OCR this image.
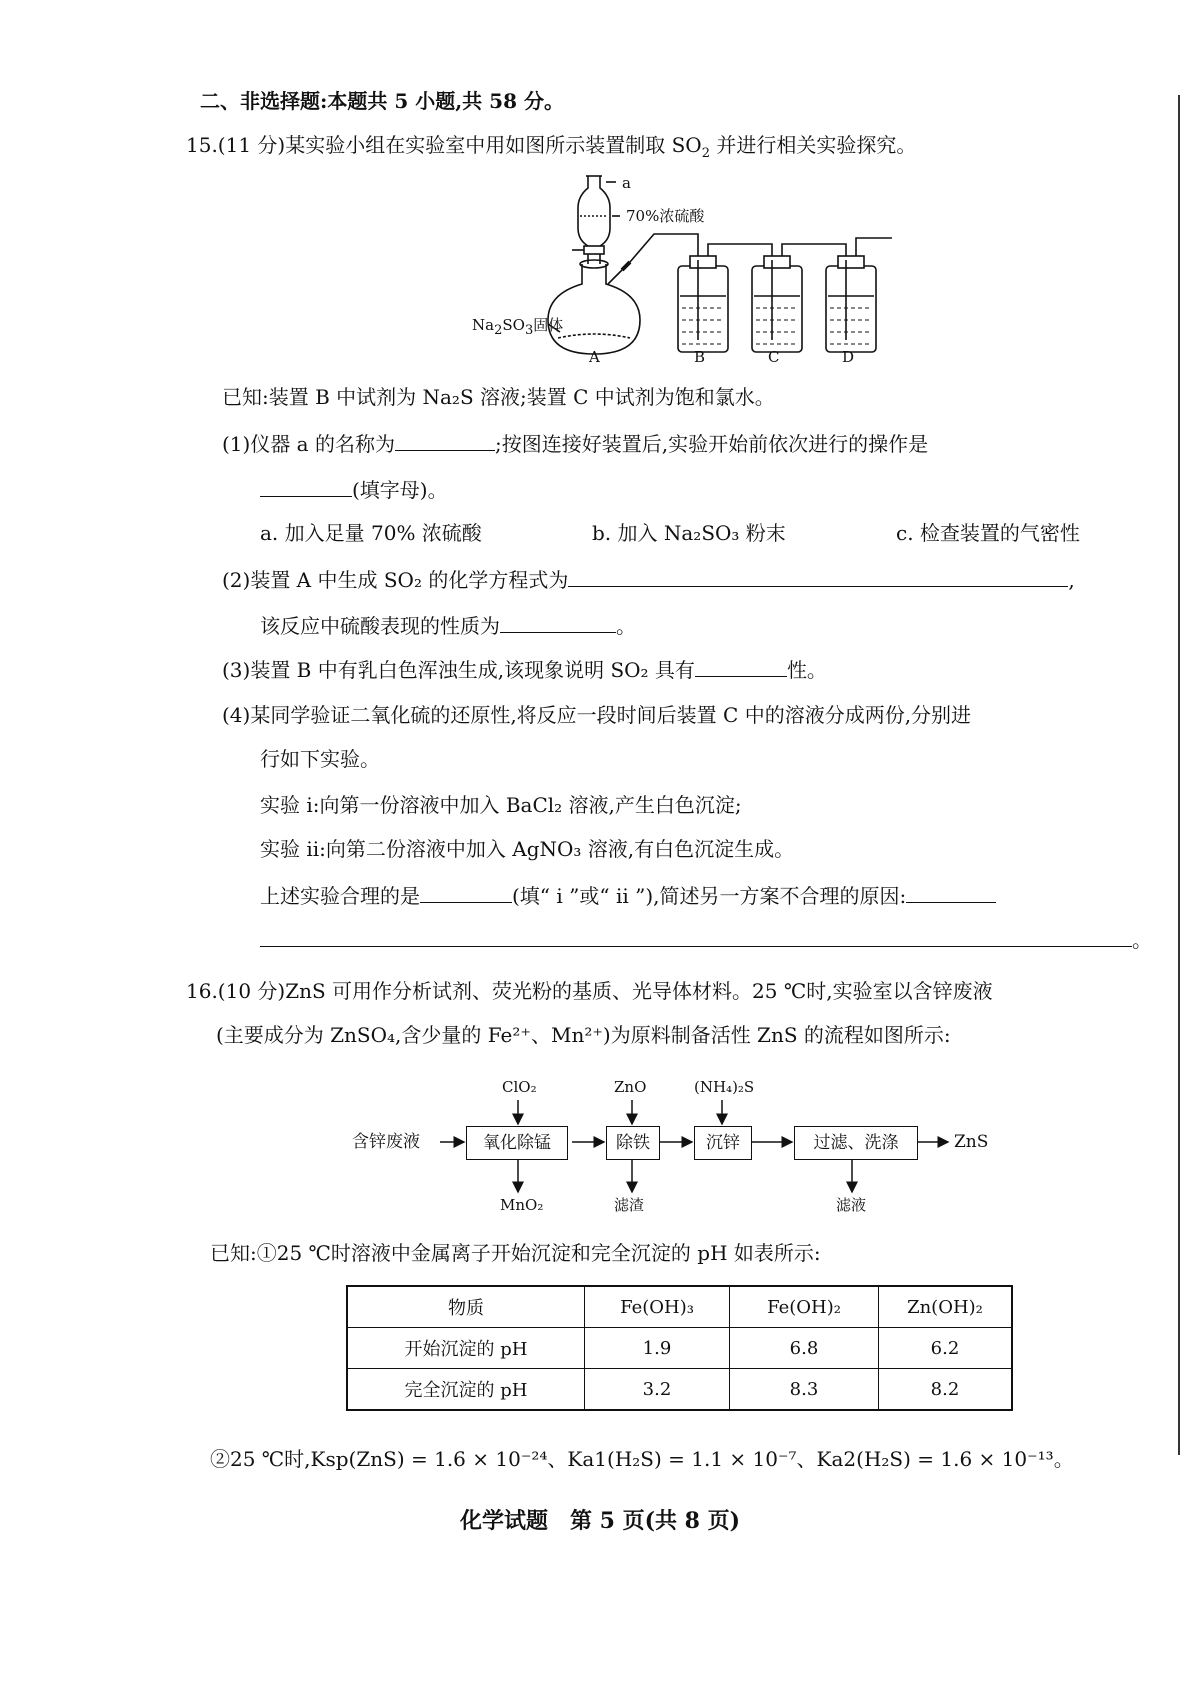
二、非选择题:本题共 5 小题,共 58 分。
15.(11 分)某实验小组在实验室中用如图所示装置制取 $SO_2$ 并进行相关实验探究。
a
70%浓硫酸
$Na_2SO_3$固体
A	B	C	D
已知:装置 B 中试剂为 Na₂S 溶液;装置 C 中试剂为饱和氯水。
(1)仪器 a 的名称为	;按图连接好装置后,实验开始前依次进行的操作是
(填字母)。
a. 加入足量 70% 浓硫酸	b. 加入 Na₂SO₃ 粉末	c. 检查装置的气密性
(2)装置 A 中生成 SO₂ 的化学方程式为	,
该反应中硫酸表现的性质为	。
(3)装置 B 中有乳白色浑浊生成,该现象说明 SO₂ 具有	性。
(4)某同学验证二氧化硫的还原性,将反应一段时间后装置 C 中的溶液分成两份,分别进
行如下实验。
实验 ⅰ:向第一份溶液中加入 BaCl₂ 溶液,产生白色沉淀;
实验 ⅱ:向第二份溶液中加入 AgNO₃ 溶液,有白色沉淀生成。
上述实验合理的是	(填“ ⅰ ”或“ ⅱ ”),简述另一方案不合理的原因:
。
16.(10 分)ZnS 可用作分析试剂、荧光粉的基质、光导体材料。25 ℃时,实验室以含锌废液
(主要成分为 ZnSO₄,含少量的 Fe²⁺、Mn²⁺)为原料制备活性 ZnS 的流程如图所示:
含锌废液	氧化除锰	除铁	沉锌	过滤、洗涤	ZnS
ClO₂	ZnO	(NH₄)₂S
MnO₂	滤渣	滤液
已知:①25 ℃时溶液中金属离子开始沉淀和完全沉淀的 pH 如表所示:
物质	Fe(OH)₃	Fe(OH)₂	Zn(OH)₂
开始沉淀的 pH	1.9	6.8	6.2
完全沉淀的 pH	3.2	8.3	8.2
②25 ℃时,Ksp(ZnS) = 1.6 × 10⁻²⁴、Ka1(H₂S) = 1.1 × 10⁻⁷、Ka2(H₂S) = 1.6 × 10⁻¹³。
化学试题　第 5 页(共 8 页)
